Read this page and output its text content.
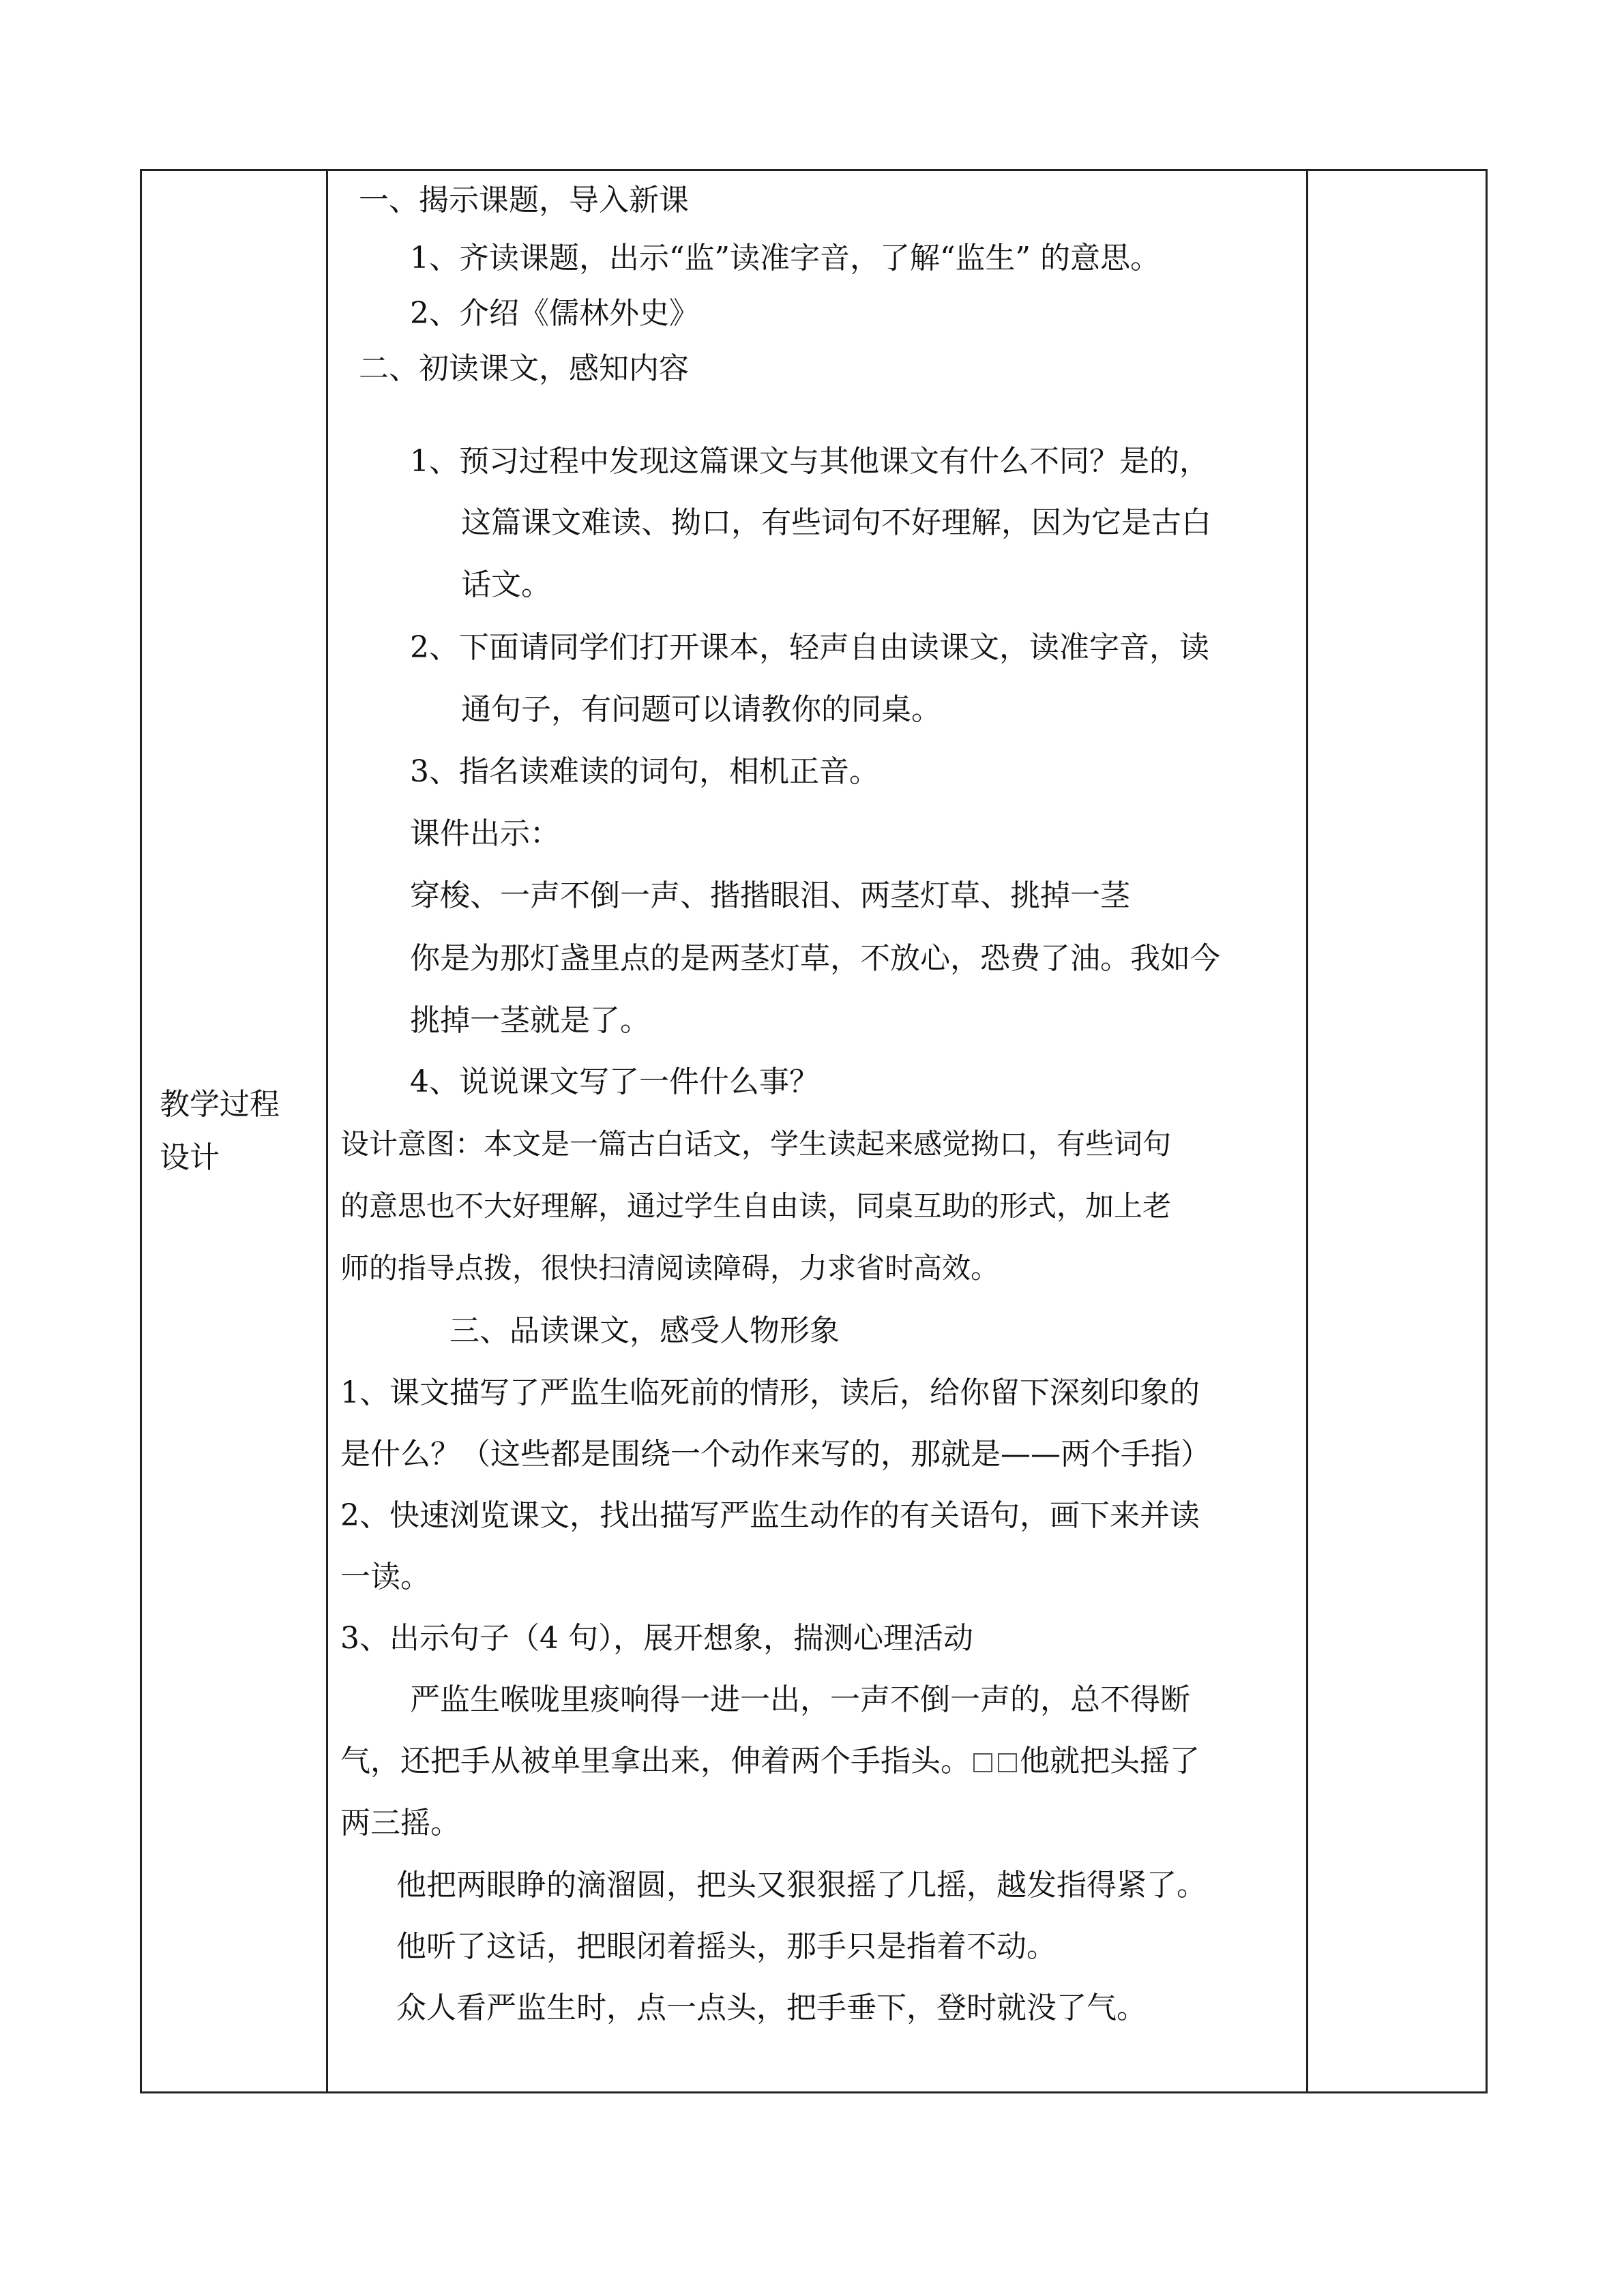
教学过程
设计

一、揭示课题，导入新课
1、齐读课题，出示“监”读准字音，了解“监生” 的意思。
2、介绍《儒林外史》
二、初读课文，感知内容
1、预习过程中发现这篇课文与其他课文有什么不同？是的，
这篇课文难读、拗口，有些词句不好理解，因为它是古白
话文。
2、下面请同学们打开课本，轻声自由读课文，读准字音，读
通句子，有问题可以请教你的同桌。
3、指名读难读的词句，相机正音。
课件出示：
穿梭、一声不倒一声、揩揩眼泪、两茎灯草、挑掉一茎
你是为那灯盏里点的是两茎灯草，不放心，恐费了油。我如今
挑掉一茎就是了。
4、说说课文写了一件什么事？
设计意图：本文是一篇古白话文，学生读起来感觉拗口，有些词句
的意思也不大好理解，通过学生自由读，同桌互助的形式，加上老
师的指导点拨，很快扫清阅读障碍，力求省时高效。
三、品读课文，感受人物形象
1、课文描写了严监生临死前的情形，读后，给你留下深刻印象的
是什么？（这些都是围绕一个动作来写的，那就是——两个手指）
2、快速浏览课文，找出描写严监生动作的有关语句，画下来并读
一读。
3、出示句子（4 句），展开想象，揣测心理活动
严监生喉咙里痰响得一进一出，一声不倒一声的，总不得断
气，还把手从被单里拿出来，伸着两个手指头。 他就把头摇了
两三摇。
他把两眼睁的滴溜圆，把头又狠狠摇了几摇，越发指得紧了。
他听了这话，把眼闭着摇头，那手只是指着不动。
众人看严监生时，点一点头，把手垂下，登时就没了气。
